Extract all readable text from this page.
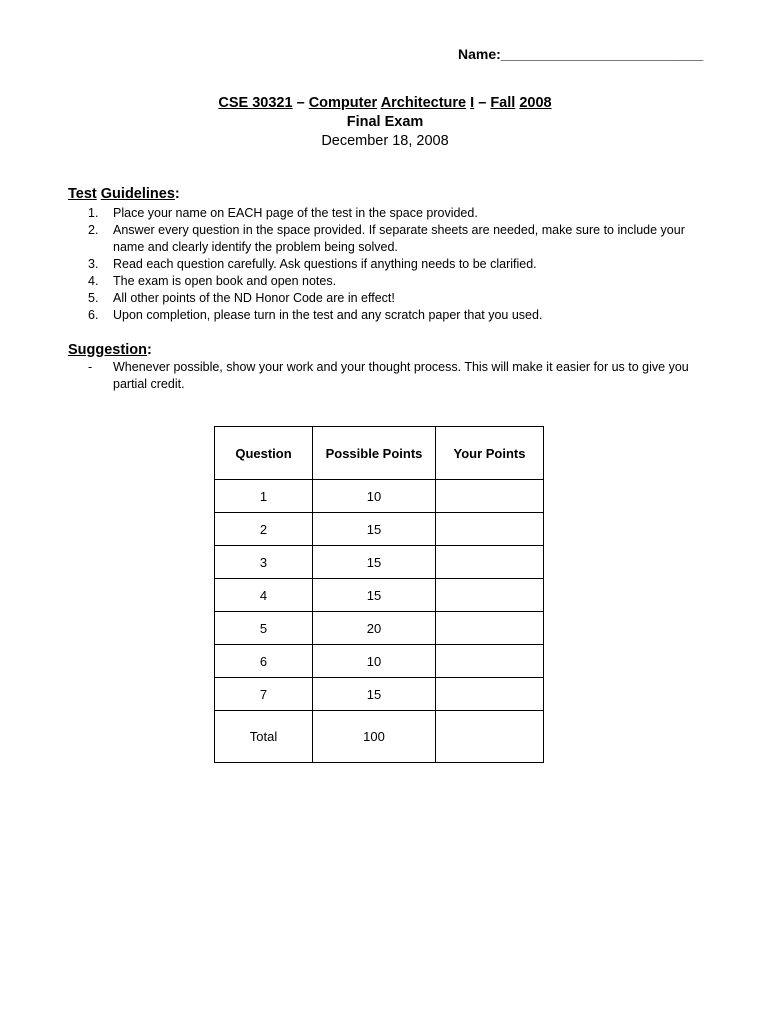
Name:__________________________
CSE 30321 – Computer Architecture I – Fall 2008
Final Exam
December 18, 2008
Test Guidelines:
1.	Place your name on EACH page of the test in the space provided.
2.	Answer every question in the space provided. If separate sheets are needed, make sure to include your name and clearly identify the problem being solved.
3.	Read each question carefully. Ask questions if anything needs to be clarified.
4.	The exam is open book and open notes.
5.	All other points of the ND Honor Code are in effect!
6.	Upon completion, please turn in the test and any scratch paper that you used.
Suggestion:
-	Whenever possible, show your work and your thought process. This will make it easier for us to give you partial credit.
Question	Possible Points	Your Points
1	10	
2	15	
3	15	
4	15	
5	20	
6	10	
7	15	
Total	100	
